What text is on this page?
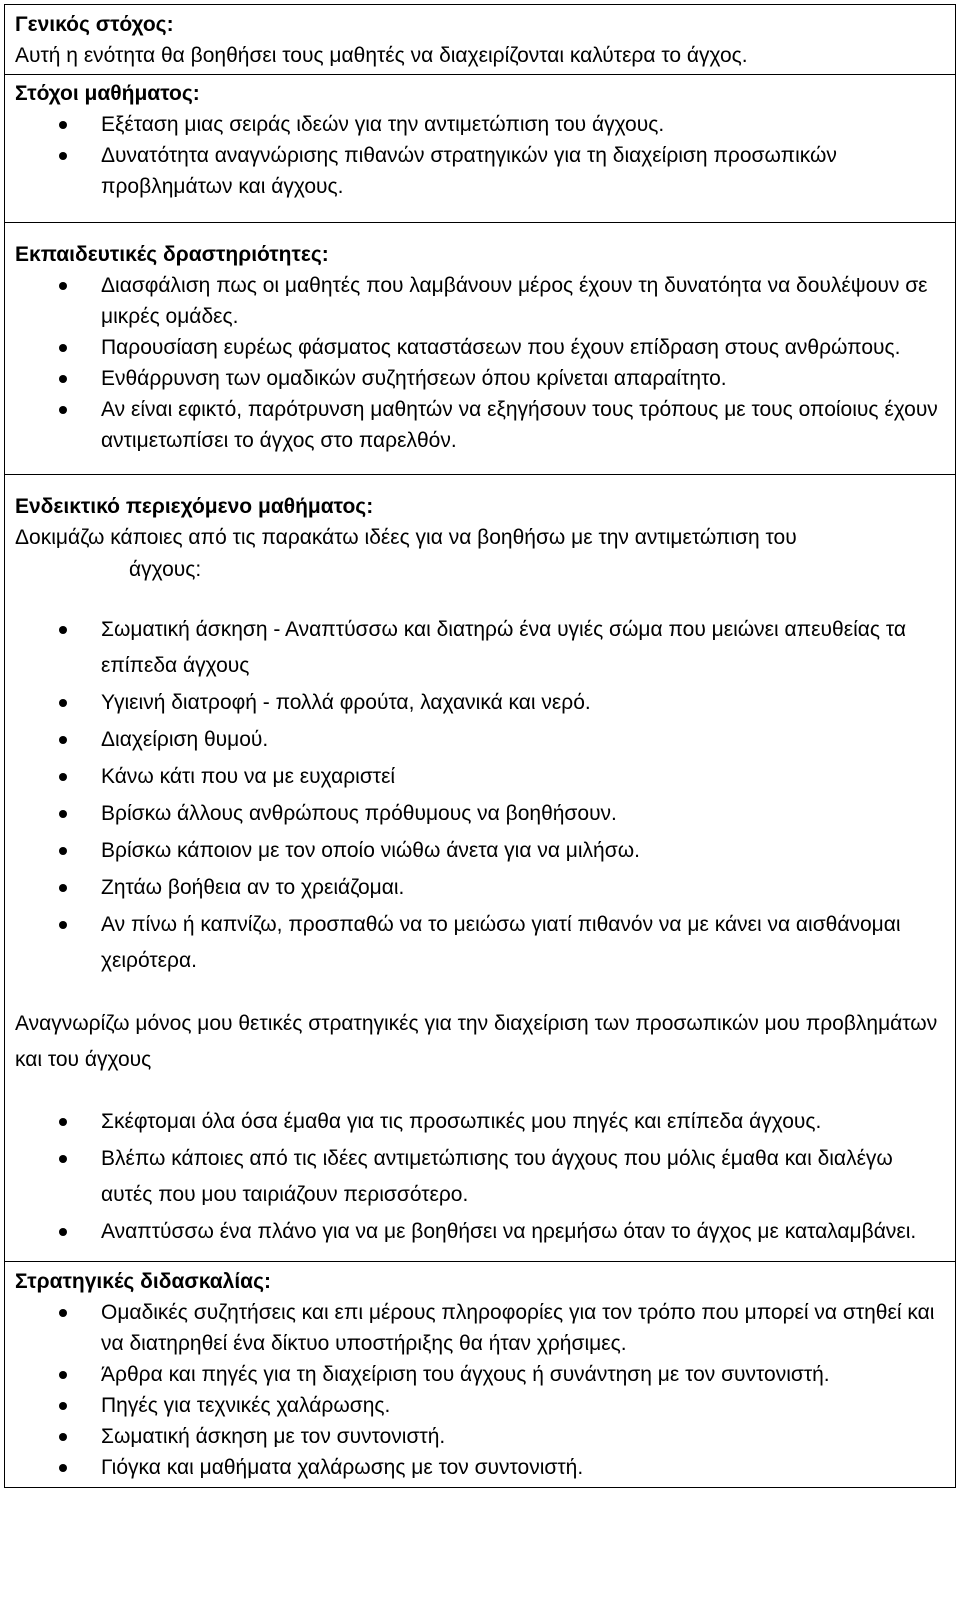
Γενικός στόχος:
Αυτή η ενότητα θα βοηθήσει τους μαθητές να διαχειρίζονται καλύτερα το άγχος.

Στόχοι μαθήματος:
Εξέταση μιας σειράς ιδεών για την αντιμετώπιση του άγχους.
Δυνατότητα αναγνώρισης πιθανών στρατηγικών για τη διαχείριση προσωπικών προβλημάτων και άγχους.

Εκπαιδευτικές δραστηριότητες:
Διασφάλιση πως οι μαθητές που λαμβάνουν μέρος έχουν τη δυνατόητα να δουλέψουν σε μικρές ομάδες.
Παρουσίαση ευρέως φάσματος καταστάσεων που έχουν επίδραση στους ανθρώπους.
Ενθάρρυνση των ομαδικών συζητήσεων όπου κρίνεται απαραίτητο.
Αν είναι εφικτό, παρότρυνση μαθητών να εξηγήσουν τους τρόπους με τους οποίοιυς έχουν αντιμετωπίσει το άγχος στο παρελθόν.

Ενδεικτικό περιεχόμενο μαθήματος:
Δοκιμάζω κάποιες από τις παρακάτω ιδέες για να βοηθήσω με την αντιμετώπιση του
άγχους:
Σωματική άσκηση - Αναπτύσσω και διατηρώ ένα υγιές σώμα που μειώνει απευθείας τα επίπεδα άγχους
Υγιεινή διατροφή - πολλά φρούτα, λαχανικά και νερό.
Διαχείριση θυμού.
Κάνω κάτι που να με ευχαριστεί
Βρίσκω άλλους ανθρώπους πρόθυμους να βοηθήσουν.
Βρίσκω κάποιον με τον οποίο νιώθω άνετα για να μιλήσω.
Ζητάω βοήθεια αν το χρειάζομαι.
Αν πίνω ή καπνίζω, προσπαθώ να το μειώσω γιατί πιθανόν να με κάνει να αισθάνομαι χειρότερα.
Αναγνωρίζω μόνος μου θετικές στρατηγικές για την διαχείριση των προσωπικών μου προβλημάτων και του άγχους
Σκέφτομαι όλα όσα έμαθα για τις προσωπικές μου πηγές και επίπεδα άγχους.
Βλέπω κάποιες από τις ιδέες αντιμετώπισης του άγχους που μόλις έμαθα και διαλέγω αυτές που μου ταιριάζουν περισσότερο.
Αναπτύσσω ένα πλάνο για να με βοηθήσει να ηρεμήσω όταν το άγχος με καταλαμβάνει.

Στρατηγικές διδασκαλίας:
Ομαδικές συζητήσεις και επι μέρους πληροφορίες για τον τρόπο που μπορεί να στηθεί και να διατηρηθεί ένα δίκτυο υποστήριξης θα ήταν χρήσιμες.
Άρθρα και πηγές για τη διαχείριση του άγχους ή συνάντηση με τον συντονιστή.
Πηγές για τεχνικές χαλάρωσης.
Σωματική άσκηση με τον συντονιστή.
Γιόγκα και μαθήματα χαλάρωσης με τον συντονιστή.
